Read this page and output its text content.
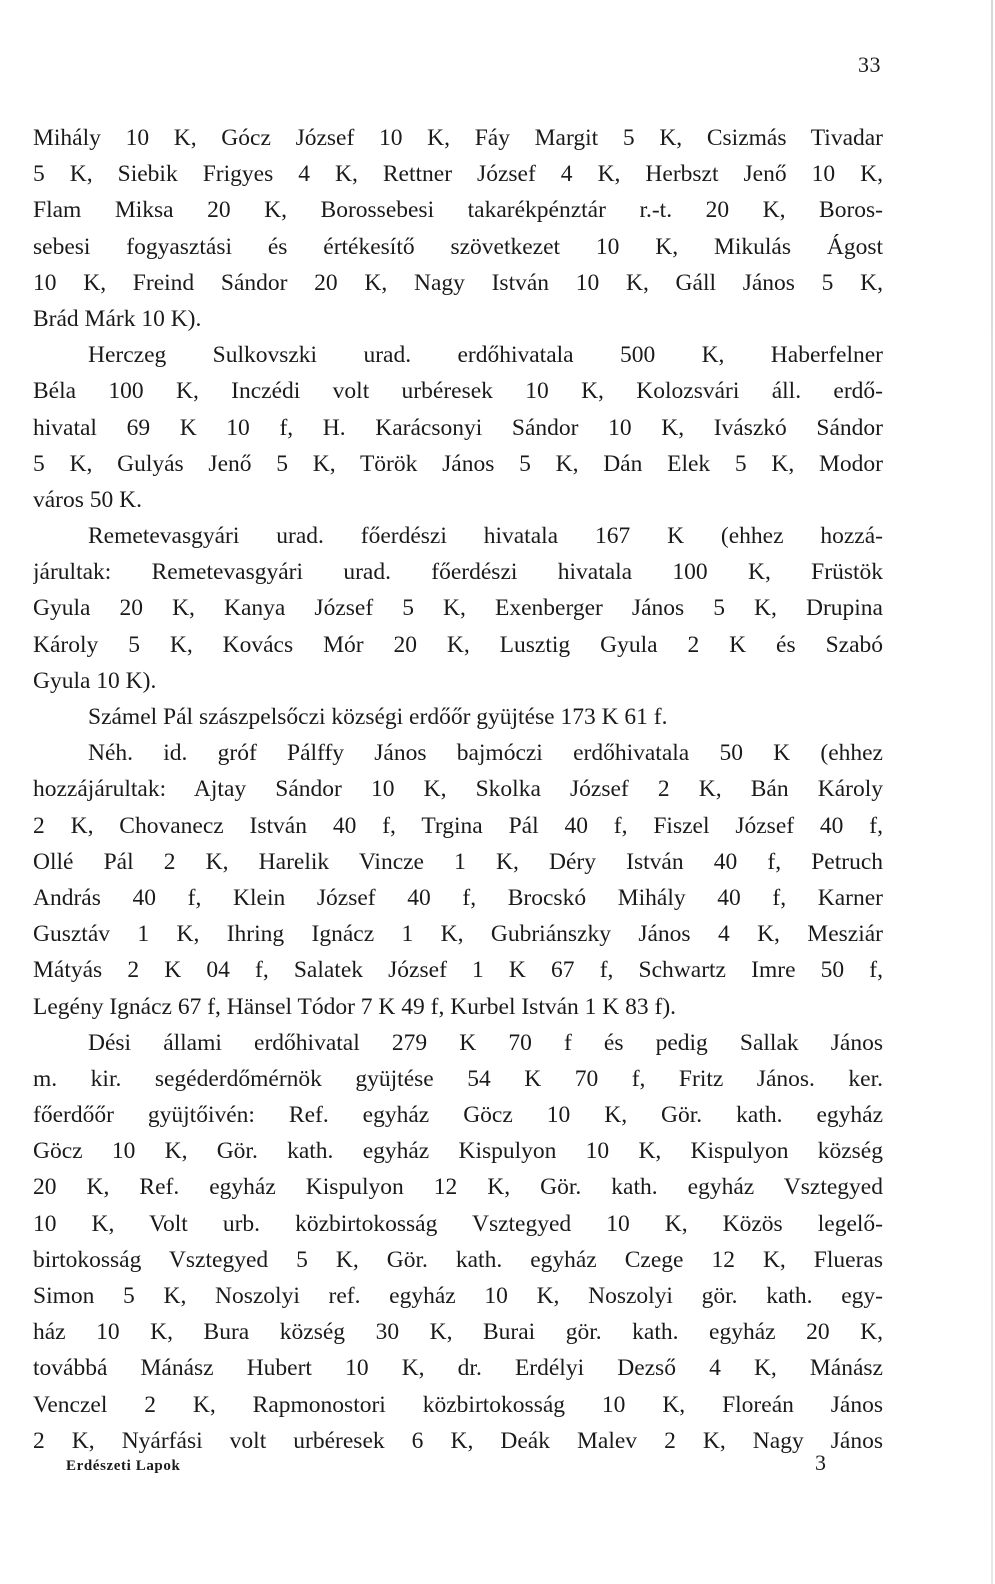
33
Mihály 10 K, Gócz József 10 K, Fáy Margit 5 K, Csizmás Tivadar
5 K, Siebik Frigyes 4 K, Rettner József 4 K, Herbszt Jenő 10 K,
Flam Miksa 20 K, Borossebesi takarékpénztár r.-t. 20 K, Boros-
sebesi fogyasztási és értékesítő szövetkezet 10 K, Mikulás Ágost
10 K, Freind Sándor 20 K, Nagy István 10 K, Gáll János 5 K,
Brád Márk 10 K).
Herczeg Sulkovszki urad. erdőhivatala 500 K, Haberfelner
Béla 100 K, Inczédi volt urbéresek 10 K, Kolozsvári áll. erdő-
hivatal 69 K 10 f, H. Karácsonyi Sándor 10 K, Ivászkó Sándor
5 K, Gulyás Jenő 5 K, Török János 5 K, Dán Elek 5 K, Modor
város 50 K.
Remetevasgyári urad. főerdészi hivatala 167 K (ehhez hozzá-
járultak: Remetevasgyári urad. főerdészi hivatala 100 K, Früstök
Gyula 20 K, Kanya József 5 K, Exenberger János 5 K, Drupina
Károly 5 K, Kovács Mór 20 K, Lusztig Gyula 2 K és Szabó
Gyula 10 K).
Számel Pál szászpelsőczi községi erdőőr gyüjtése 173 K 61 f.
Néh. id. gróf Pálffy János bajmóczi erdőhivatala 50 K (ehhez
hozzájárultak: Ajtay Sándor 10 K, Skolka József 2 K, Bán Károly
2 K, Chovanecz István 40 f, Trgina Pál 40 f, Fiszel József 40 f,
Ollé Pál 2 K, Harelik Vincze 1 K, Déry István 40 f, Petruch
András 40 f, Klein József 40 f, Brocskó Mihály 40 f, Karner
Gusztáv 1 K, Ihring Ignácz 1 K, Gubriánszky János 4 K, Mesziár
Mátyás 2 K 04 f, Salatek József 1 K 67 f, Schwartz Imre 50 f,
Legény Ignácz 67 f, Hänsel Tódor 7 K 49 f, Kurbel István 1 K 83 f).
Dési állami erdőhivatal 279 K 70 f és pedig Sallak János
m. kir. segéderdőmérnök gyüjtése 54 K 70 f, Fritz János. ker.
főerdőőr gyüjtőivén: Ref. egyház Göcz 10 K, Gör. kath. egyház
Göcz 10 K, Gör. kath. egyház Kispulyon 10 K, Kispulyon község
20 K, Ref. egyház Kispulyon 12 K, Gör. kath. egyház Vsztegyed
10 K, Volt urb. közbirtokosság Vsztegyed 10 K, Közös legelő-
birtokosság Vsztegyed 5 K, Gör. kath. egyház Czege 12 K, Flueras
Simon 5 K, Noszolyi ref. egyház 10 K, Noszolyi gör. kath. egy-
ház 10 K, Bura község 30 K, Burai gör. kath. egyház 20 K,
továbbá Mánász Hubert 10 K, dr. Erdélyi Dezső 4 K, Mánász
Venczel 2 K, Rapmonostori közbirtokosság 10 K, Floreán János
2 K, Nyárfási volt urbéresek 6 K, Deák Malev 2 K, Nagy János
Erdészeti Lapok	3
